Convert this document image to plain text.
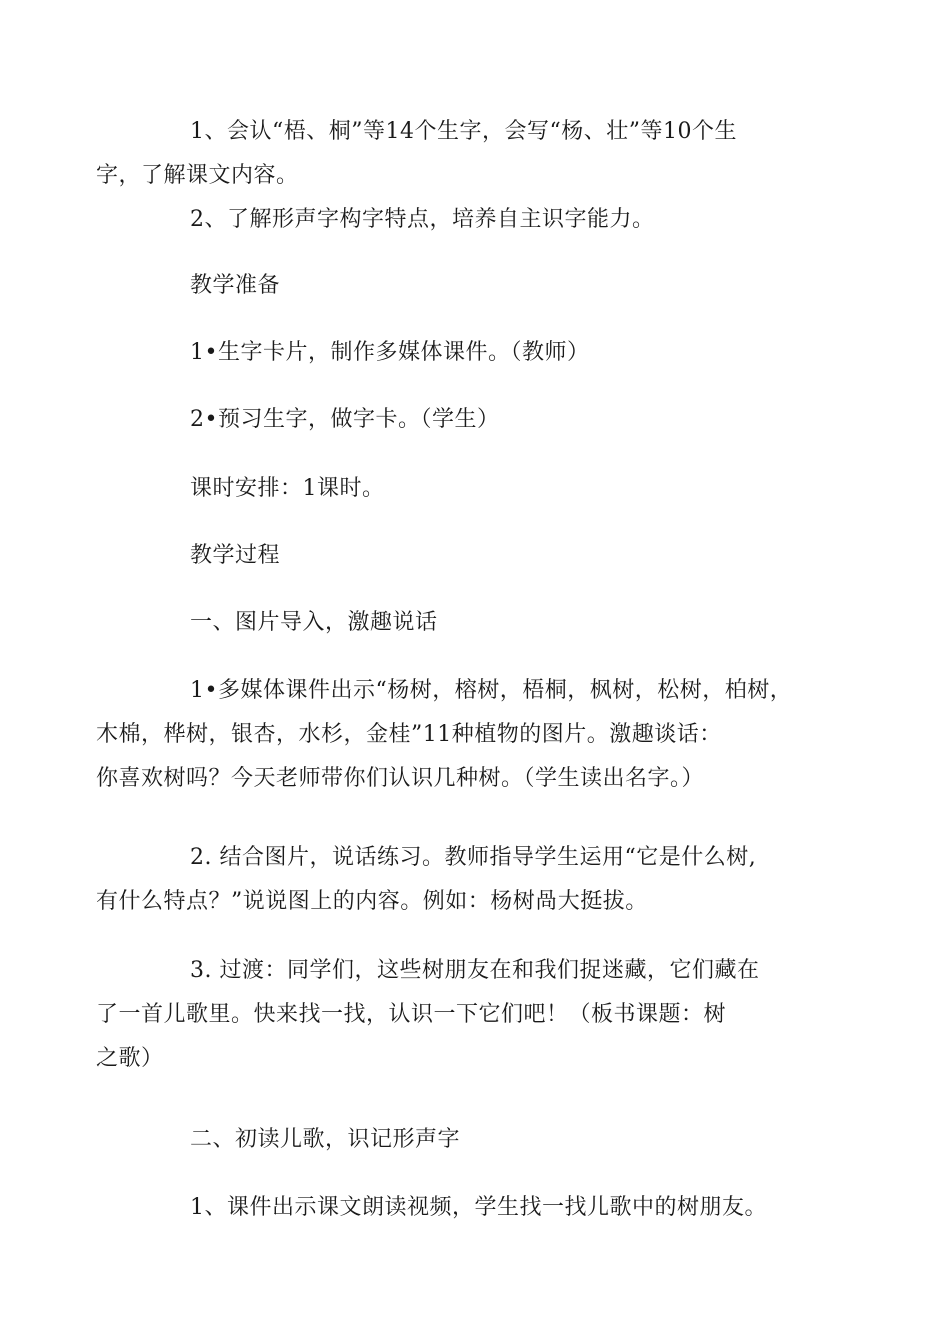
1、会认“梧、桐”等14个生字，会写“杨、壮”等10个生
字，了解课文内容。

2、了解形声字构字特点，培养自主识字能力。

教学准备

1•生字卡片，制作多媒体课件。（教师）

2•预习生字，做字卡。（学生）

课时安排：1课时。

教学过程

一、图片导入，激趣说话

1•多媒体课件出示“杨树，榕树，梧桐，枫树，松树，柏树，
木棉，桦树，银杏，水杉，金桂”11种植物的图片。激趣谈话：
你喜欢树吗？今天老师带你们认识几种树。（学生读出名字。）

2. 结合图片，说话练习。教师指导学生运用“它是什么树,
有什么特点？”说说图上的内容。例如：杨树咼大挺拔。

3. 过渡：同学们，这些树朋友在和我们捉迷藏，它们藏在
了一首儿歌里。快来找一找，认识一下它们吧！（板书课题：树
之歌）

二、初读儿歌，识记形声字

1、课件出示课文朗读视频，学生找一找儿歌中的树朋友。
